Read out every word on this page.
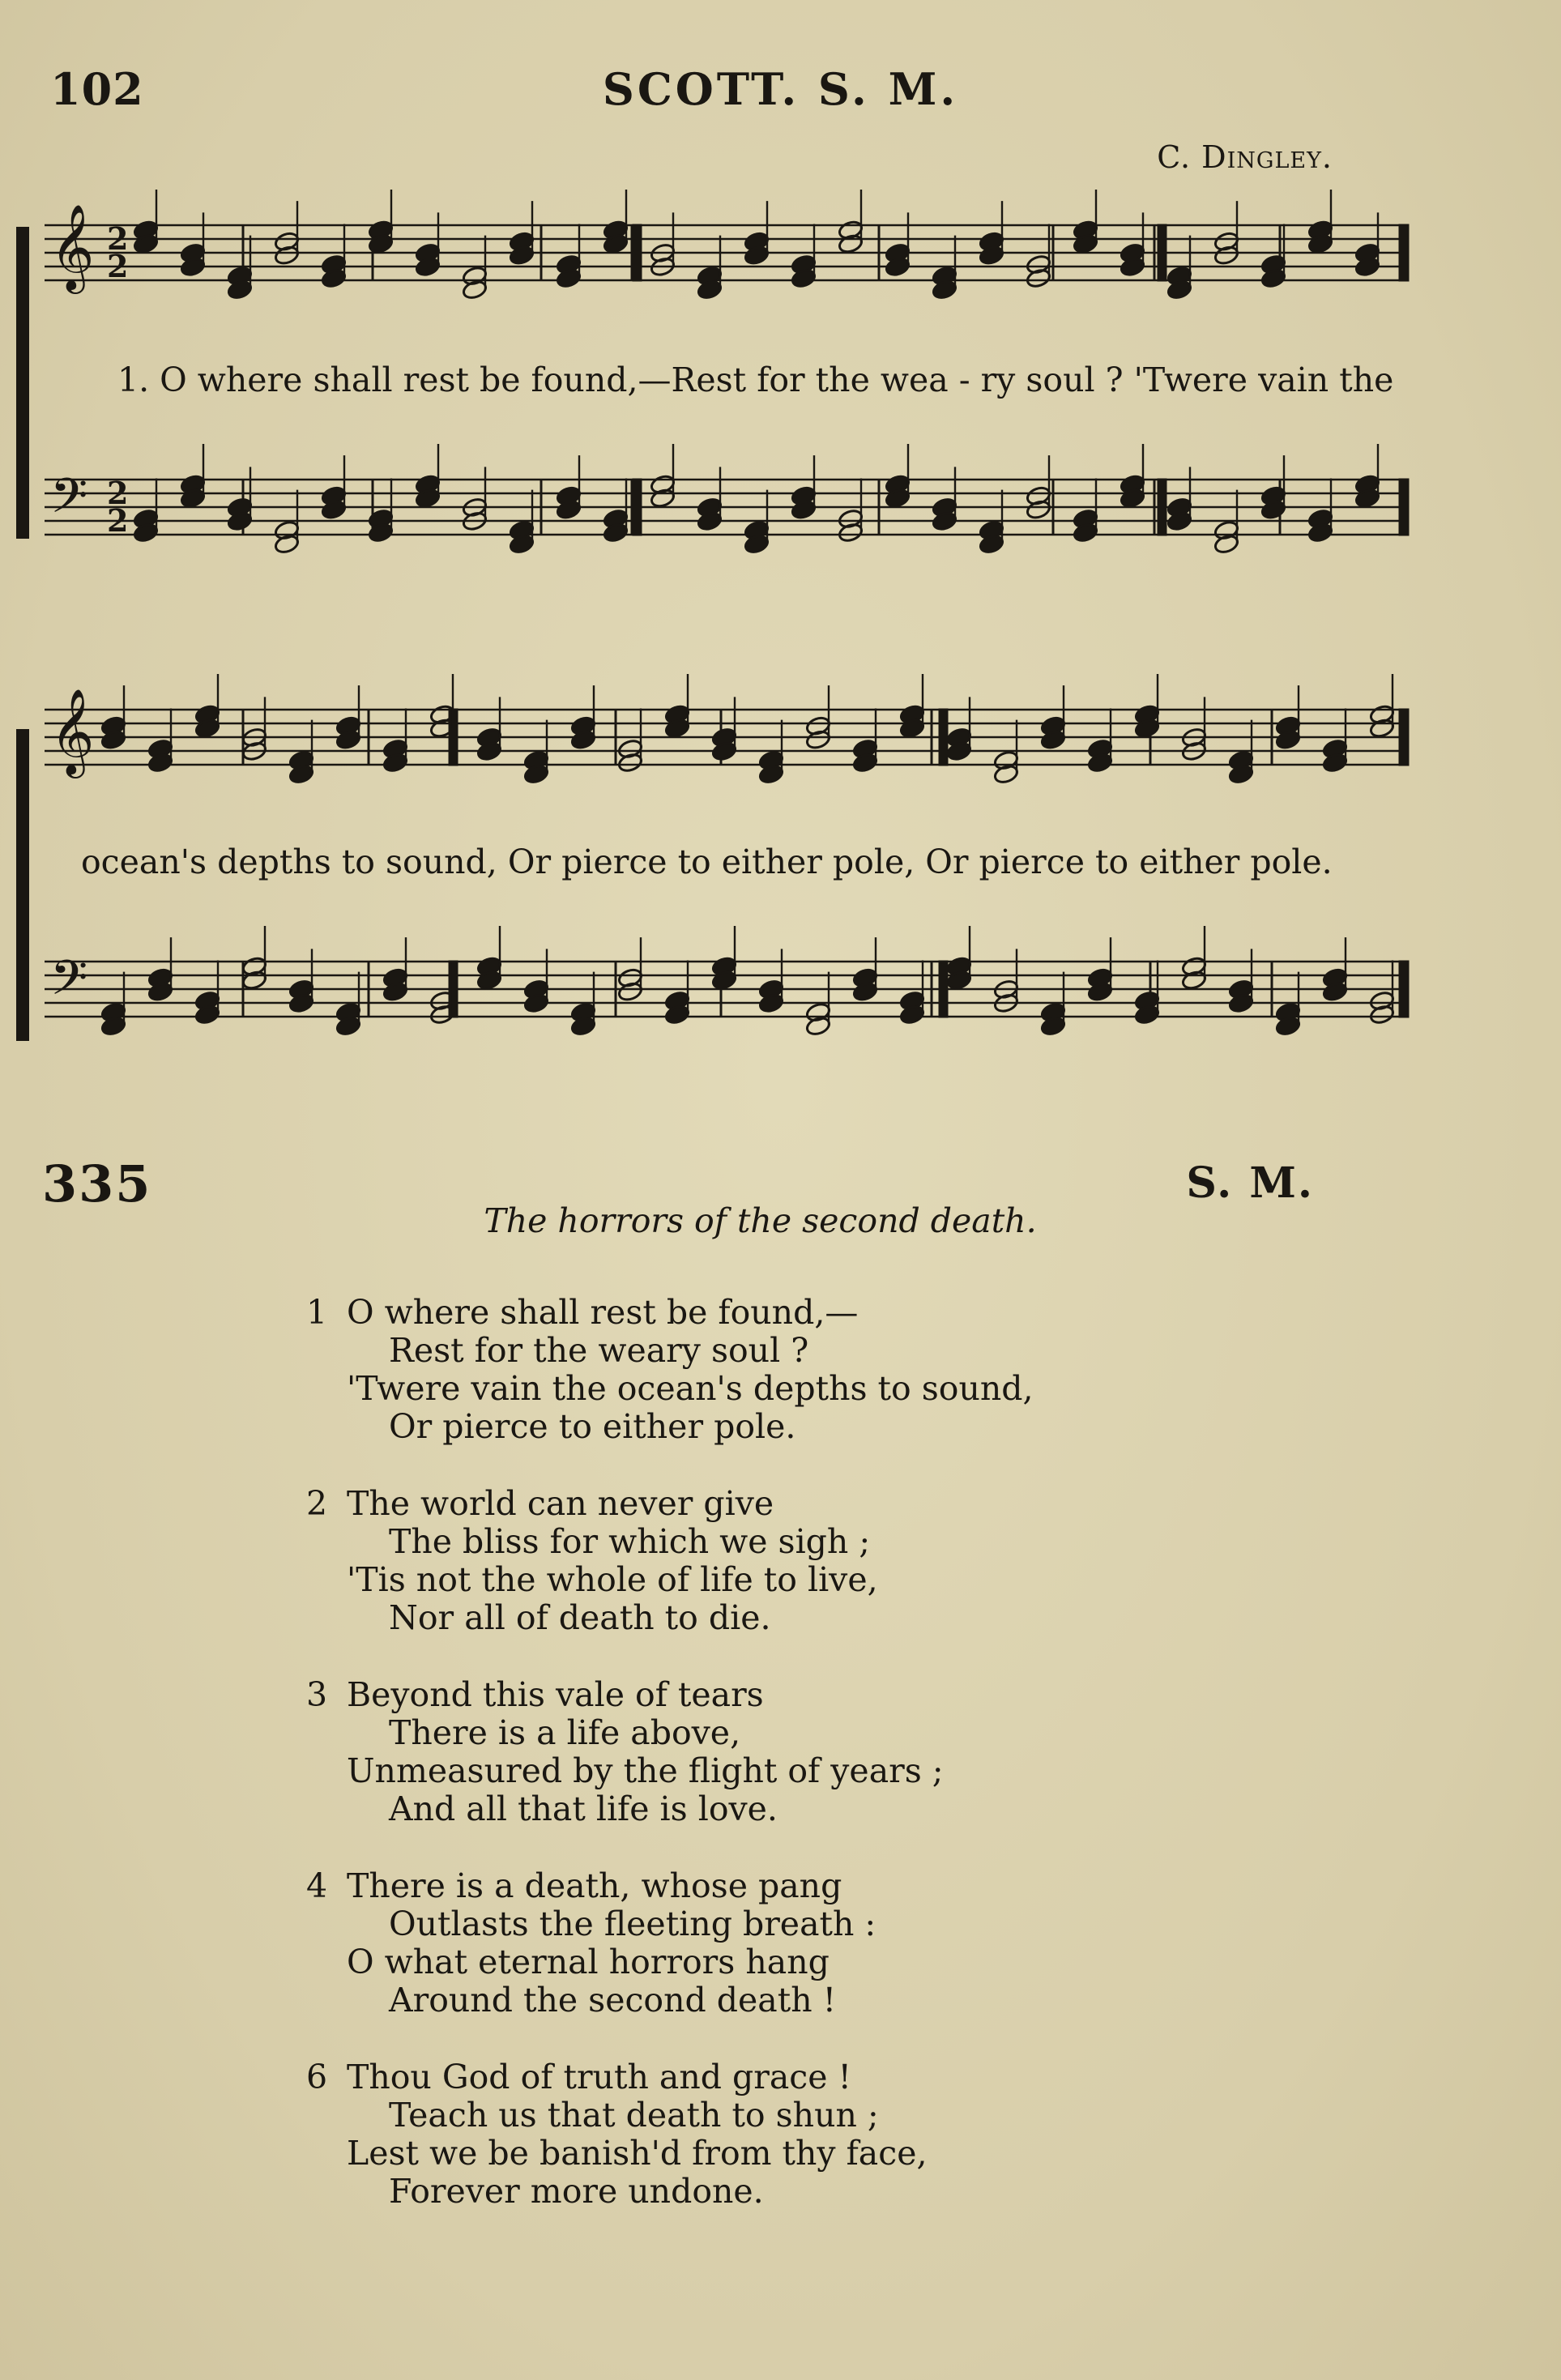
102	SCOTT. S. M.
C. Dingley.
𝄞 2
2
𝄢 2
2
𝄞
𝄢
1. O where shall rest be found,—Rest for the wea - ry soul ? 'Twere vain the
ocean's depths to sound, Or pierce to either pole, Or pierce to either pole.
335	S. M.
The horrors of the second death.
1 O where shall rest be found,—
Rest for the weary soul ?
'Twere vain the ocean's depths to sound,
Or pierce to either pole.
2 The world can never give
The bliss for which we sigh ;
'Tis not the whole of life to live,
Nor all of death to die.
3 Beyond this vale of tears
There is a life above,
Unmeasured by the flight of years ;
And all that life is love.
4 There is a death, whose pang
Outlasts the fleeting breath :
O what eternal horrors hang
Around the second death !
6 Thou God of truth and grace !
Teach us that death to shun ;
Lest we be banish'd from thy face,
Forever more undone.
